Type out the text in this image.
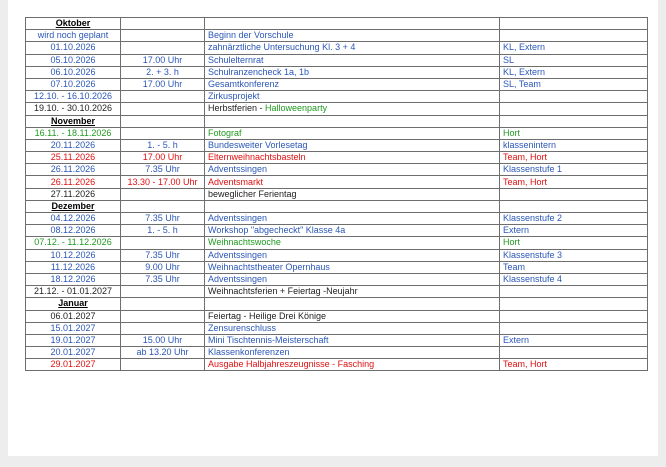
Oktober			
wird noch geplant		Beginn der Vorschule	
01.10.2026		zahnärztliche Untersuchung Kl. 3 + 4	KL, Extern
05.10.2026	17.00 Uhr	Schulelternrat	SL
06.10.2026	2. + 3. h	Schulranzencheck 1a, 1b	KL, Extern
07.10.2026	17.00 Uhr	Gesamtkonferenz	SL, Team
12.10. - 16.10.2026		Zirkusprojekt	
19.10. - 30.10.2026		Herbstferien - Halloweenparty	
November			
16.11. - 18.11.2026		Fotograf	Hort
20.11.2026	1. - 5. h	Bundesweiter Vorlesetag	klassenintern
25.11.2026	17.00 Uhr	Elternweihnachtsbasteln	Team, Hort
26.11.2026	7.35 Uhr	Adventssingen	Klassenstufe 1
26.11.2026	13.30 - 17.00 Uhr	Adventsmarkt	Team, Hort
27.11.2026		beweglicher Ferientag	
Dezember			
04.12.2026	7.35 Uhr	Adventssingen	Klassenstufe 2
08.12.2026	1. - 5. h	Workshop "abgecheckt" Klasse 4a	Extern
07.12. - 11.12.2026		Weihnachtswoche	Hort
10.12.2026	7.35 Uhr	Adventssingen	Klassenstufe 3
11.12.2026	9.00 Uhr	Weihnachtstheater Opernhaus	Team
18.12.2026	7.35 Uhr	Adventssingen	Klassenstufe 4
21.12. - 01.01.2027		Weihnachtsferien + Feiertag -Neujahr	
Januar			
06.01.2027		Feiertag - Heilige Drei Könige	
15.01.2027		Zensurenschluss	
19.01.2027	15.00 Uhr	Mini Tischtennis-Meisterschaft	Extern
20.01.2027	ab 13.20 Uhr	Klassenkonferenzen	
29.01.2027		Ausgabe Halbjahreszeugnisse - Fasching	Team, Hort
